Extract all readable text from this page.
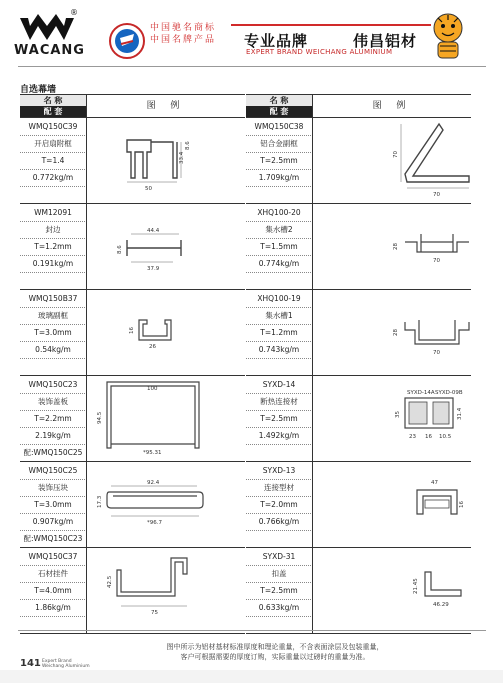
®
WACANG
中国驰名商标
中国名牌产品 专业品牌	伟昌铝材
EXPERT BRAND WEICHANG ALUMINIUM
自选幕墙
名 称
配 套
图 例
WMQ150C39
开启扇附框
T=1.4
0.772kg/m
50
33.4
8.6
WM12091
封边
T=1.2mm
0.191kg/m
44.4
37.9
8.6
WMQ150B37
玻璃副框
T=3.0mm
0.54kg/m
16
26
WMQ150C23
装饰盖板
T=2.2mm
2.19kg/m
配:WMQ150C25
100
94.5
*95.31
WMQ150C25
装饰压块
T=3.0mm
0.907kg/m
配:WMQ150C23
92.4
17.3
*96.7
WMQ150C37
石材挂件
T=4.0mm
1.86kg/m
42.5
75
名 称
配 套
图 例
WMQ150C38
铝合金副框
T=2.5mm
1.709kg/m
70
70
XHQ100-20
集水槽2
T=1.5mm
0.774kg/m
28
70
XHQ100-19
集水槽1
T=1.2mm
0.743kg/m
28
70
SYXD-14
断热连接材
T=2.5mm
1.492kg/m
SYXD-14A SYXD-09B
35	31.4
23 16 10.5
SYXD-13
连接型材
T=2.0mm
0.766kg/m
47
16
SYXD-31
扣盖
T=2.5mm
0.633kg/m
21.45
46.29
图中所示为铝材基材标准厚度和理论重量，不含表面涂层及包装重量，
客户可根据需要的厚度订购，实际重量以过磅时的重量为准。
141 Expert Brand
Weichang Aluminium
